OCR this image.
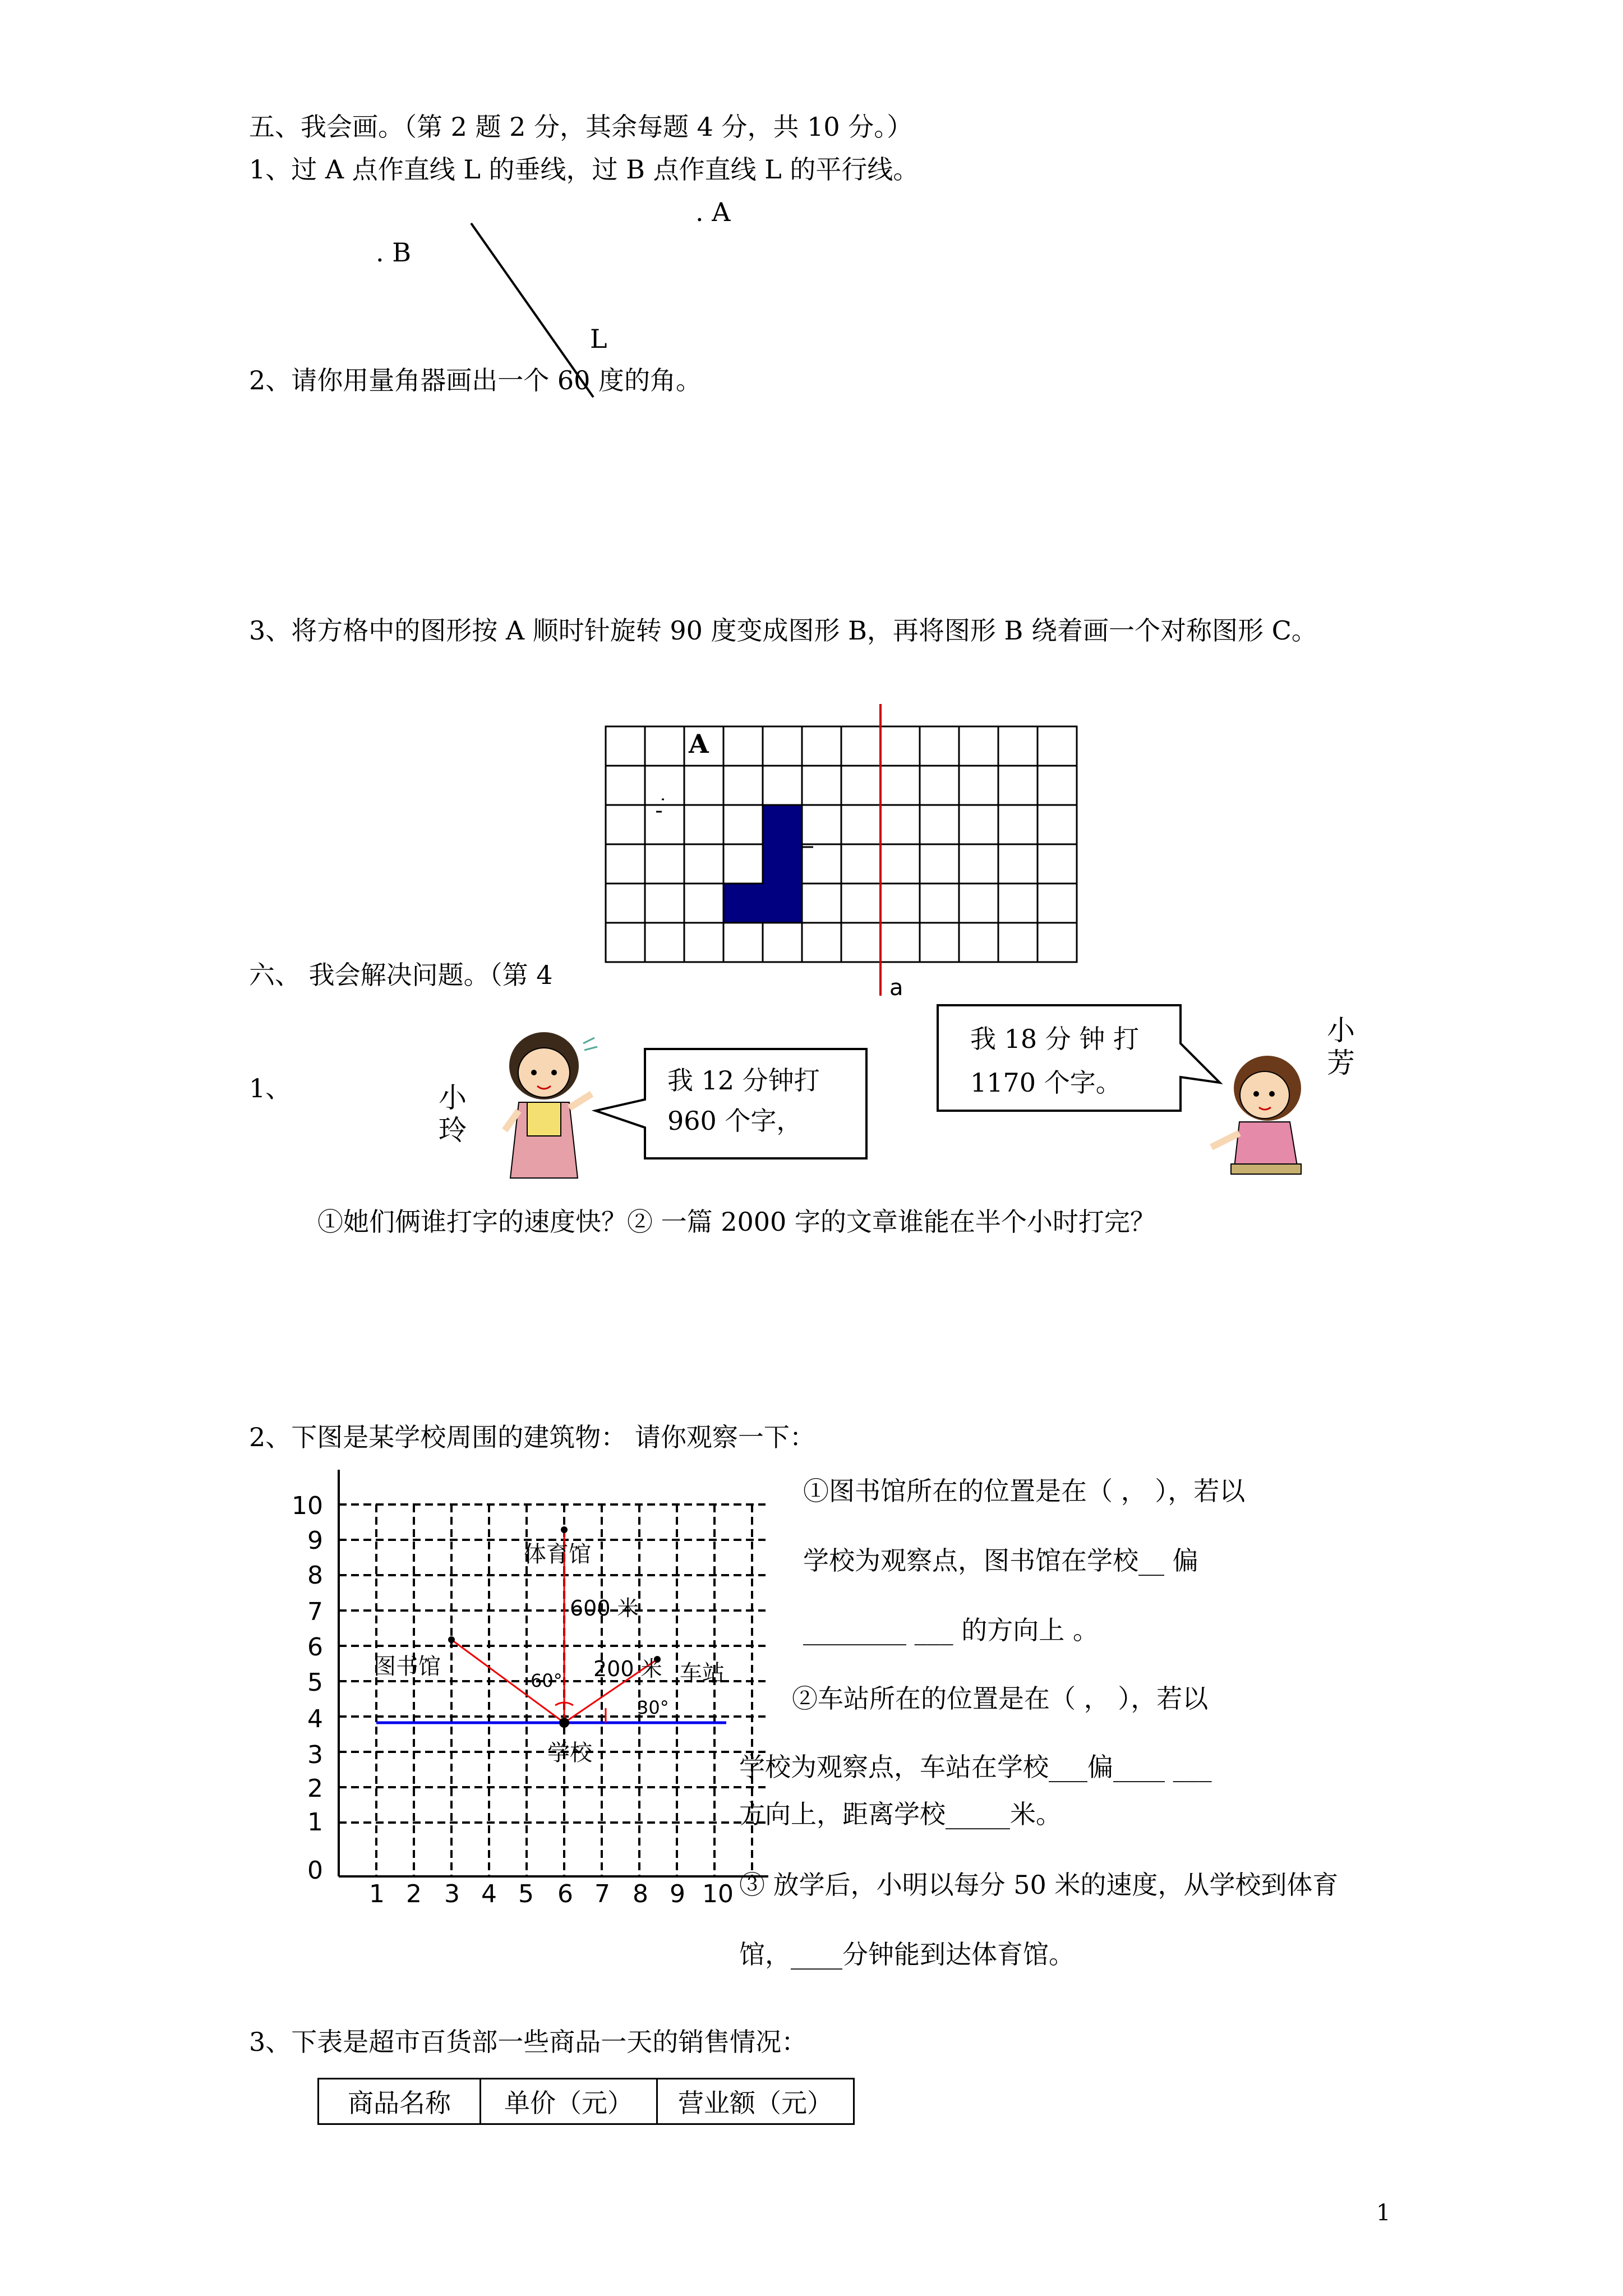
五、我会画。（第 2 题 2 分，其余每题 4 分，共 10 分。）
1、过 A 点作直线 L 的垂线，过 B 点作直线 L 的平行线。
. A
. B
L
2、请你用量角器画出一个 60 度的角。
3、将方格中的图形按 A 顺时针旋转 90 度变成图形 B，再将图形 B 绕着画一个对称图形 C。
A
a
六、 我会解决问题。（第 4
1、	小玲
我 12 分钟打
960 个字，
我 18 分 钟 打
1170 个字。
小芳
①她们俩谁打字的速度快？② 一篇 2000 字的文章谁能在半个小时打完？
2、下图是某学校周围的建筑物： 请你观察一下：
0
1
2
3
4
5
6
7
8
9
10
1 2 3 4 5 6 7 8 9 10
体育馆
图书馆	车站
学校
600 米
200 米
60°
30°
①图书馆所在的位置是在（ ， ），若以
学校为观察点，图书馆在学校__ 偏
________ ___ 的方向上 。
②车站所在的位置是在（ ， ），若以
学校为观察点，车站在学校___偏____ ___
方向上，距离学校_____米。
③ 放学后，小明以每分 50 米的速度，从学校到体育
馆，____分钟能到达体育馆。
3、下表是超市百货部一些商品一天的销售情况：
商品名称	单价（元）	营业额（元）
1
